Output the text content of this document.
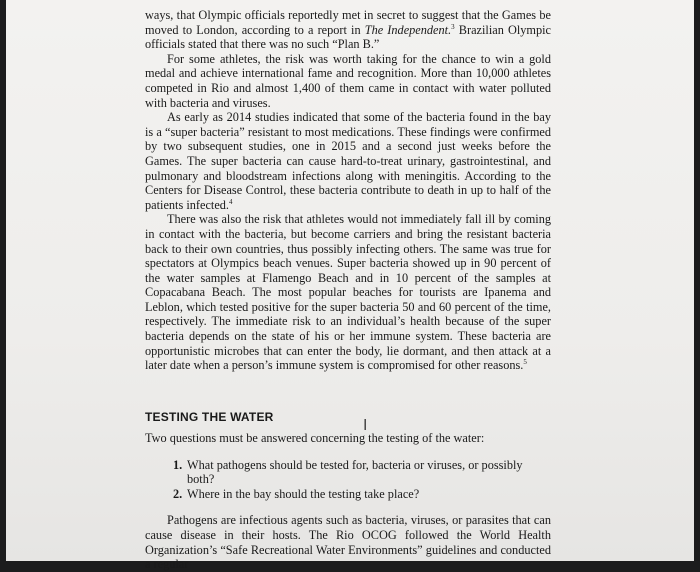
ways, that Olympic officials reportedly met in secret to suggest that the Games be moved to London, according to a report in The Independent.$^3$ Brazilian Olympic officials stated that there was no such “Plan B.”

For some athletes, the risk was worth taking for the chance to win a gold medal and achieve international fame and recognition. More than 10,000 athletes competed in Rio and almost 1,400 of them came in contact with water polluted with bacteria and viruses.

As early as 2014 studies indicated that some of the bacteria found in the bay is a “super bacteria” resistant to most medications. These findings were confirmed by two subsequent studies, one in 2015 and a second just weeks before the Games. The super bacteria can cause hard-to-treat urinary, gastrointestinal, and pulmonary and bloodstream infections along with meningitis. According to the Centers for Disease Control, these bacteria contribute to death in up to half of the patients infected.$^4$

There was also the risk that athletes would not immediately fall ill by coming in contact with the bacteria, but become carriers and bring the resistant bacteria back to their own countries, thus possibly infecting others. The same was true for spectators at Olympics beach venues. Super bacteria showed up in 90 percent of the water samples at Flamengo Beach and in 10 percent of the samples at Copacabana Beach. The most popular beaches for tourists are Ipanema and Leblon, which tested positive for the super bacteria 50 and 60 percent of the time, respectively. The immediate risk to an individual’s health because of the super bacteria depends on the state of his or her immune system. These bacteria are opportunistic microbes that can enter the body, lie dormant, and then attack at a later date when a person’s immune system is compromised for other reasons.$^5$

TESTING THE WATER

Two questions must be answered concerning the testing of the water:

1. What pathogens should be tested for, bacteria or viruses, or possibly both?
2. Where in the bay should the testing take place?

Pathogens are infectious agents such as bacteria, viruses, or parasites that can cause disease in their hosts. The Rio OCOG followed the World Health Organization’s “Safe Recreational Water Environments” guidelines and conducted a regular

I
